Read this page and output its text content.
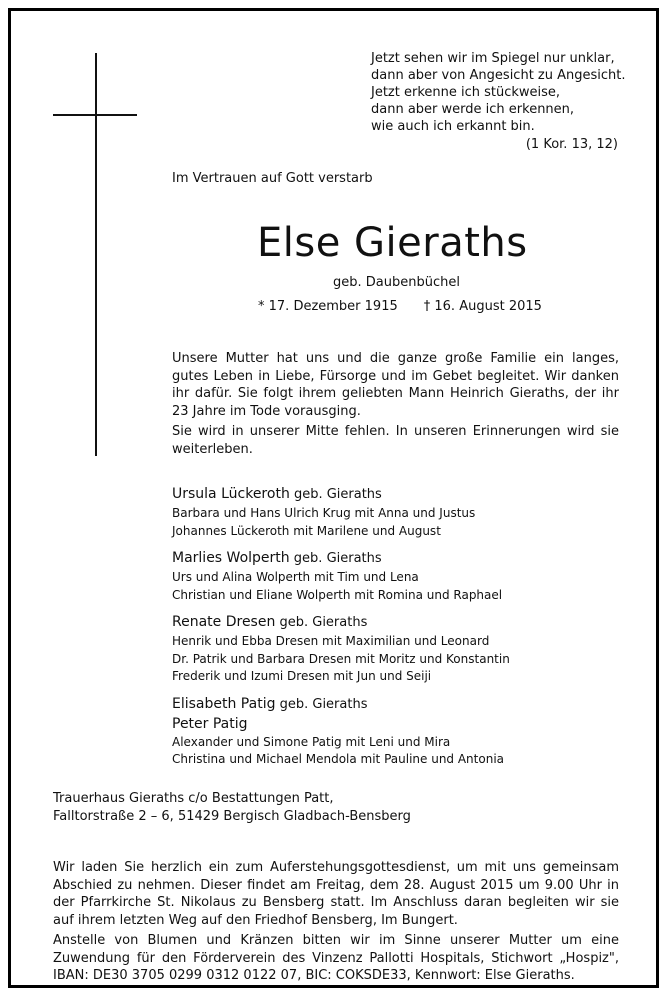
Jetzt sehen wir im Spiegel nur unklar,
dann aber von Angesicht zu Angesicht.
Jetzt erkenne ich stückweise,
dann aber werde ich erkennen,
wie auch ich erkannt bin.
(1 Kor. 13, 12)
Im Vertrauen auf Gott verstarb
Else Gieraths
geb. Daubenbüchel
* 17. Dezember 1915 † 16. August 2015

Unsere Mutter hat uns und die ganze große Familie ein langes, gutes Leben in Liebe, Fürsorge und im Gebet begleitet. Wir danken ihr dafür. Sie folgt ihrem geliebten Mann Heinrich Gieraths, der ihr 23 Jahre im Tode vorausging.

Sie wird in unserer Mitte fehlen. In unseren Erinnerungen wird sie weiterleben.

Ursula Lückeroth geb. Gieraths
Barbara und Hans Ulrich Krug mit Anna und Justus
Johannes Lückeroth mit Marilene und August
Marlies Wolperth geb. Gieraths
Urs und Alina Wolperth mit Tim und Lena
Christian und Eliane Wolperth mit Romina und Raphael
Renate Dresen geb. Gieraths
Henrik und Ebba Dresen mit Maximilian und Leonard
Dr. Patrik und Barbara Dresen mit Moritz und Konstantin
Frederik und Izumi Dresen mit Jun und Seiji
Elisabeth Patig geb. Gieraths
Peter Patig
Alexander und Simone Patig mit Leni und Mira
Christina und Michael Mendola mit Pauline und Antonia
Trauerhaus Gieraths c/o Bestattungen Patt,
Falltorstraße 2 – 6, 51429 Bergisch Gladbach-Bensberg

Wir laden Sie herzlich ein zum Auferstehungsgottesdienst, um mit uns gemeinsam Abschied zu nehmen. Dieser findet am Freitag, dem 28. August 2015 um 9.00 Uhr in der Pfarrkirche St. Nikolaus zu Bensberg statt. Im Anschluss daran begleiten wir sie auf ihrem letzten Weg auf den Friedhof Bensberg, Im Bungert.

Anstelle von Blumen und Kränzen bitten wir im Sinne unserer Mutter um eine Zuwendung für den Förderverein des Vinzenz Pallotti Hospitals, Stichwort „Hospiz", IBAN: DE30 3705 0299 0312 0122 07, BIC: COKSDE33, Kennwort: Else Gieraths.
